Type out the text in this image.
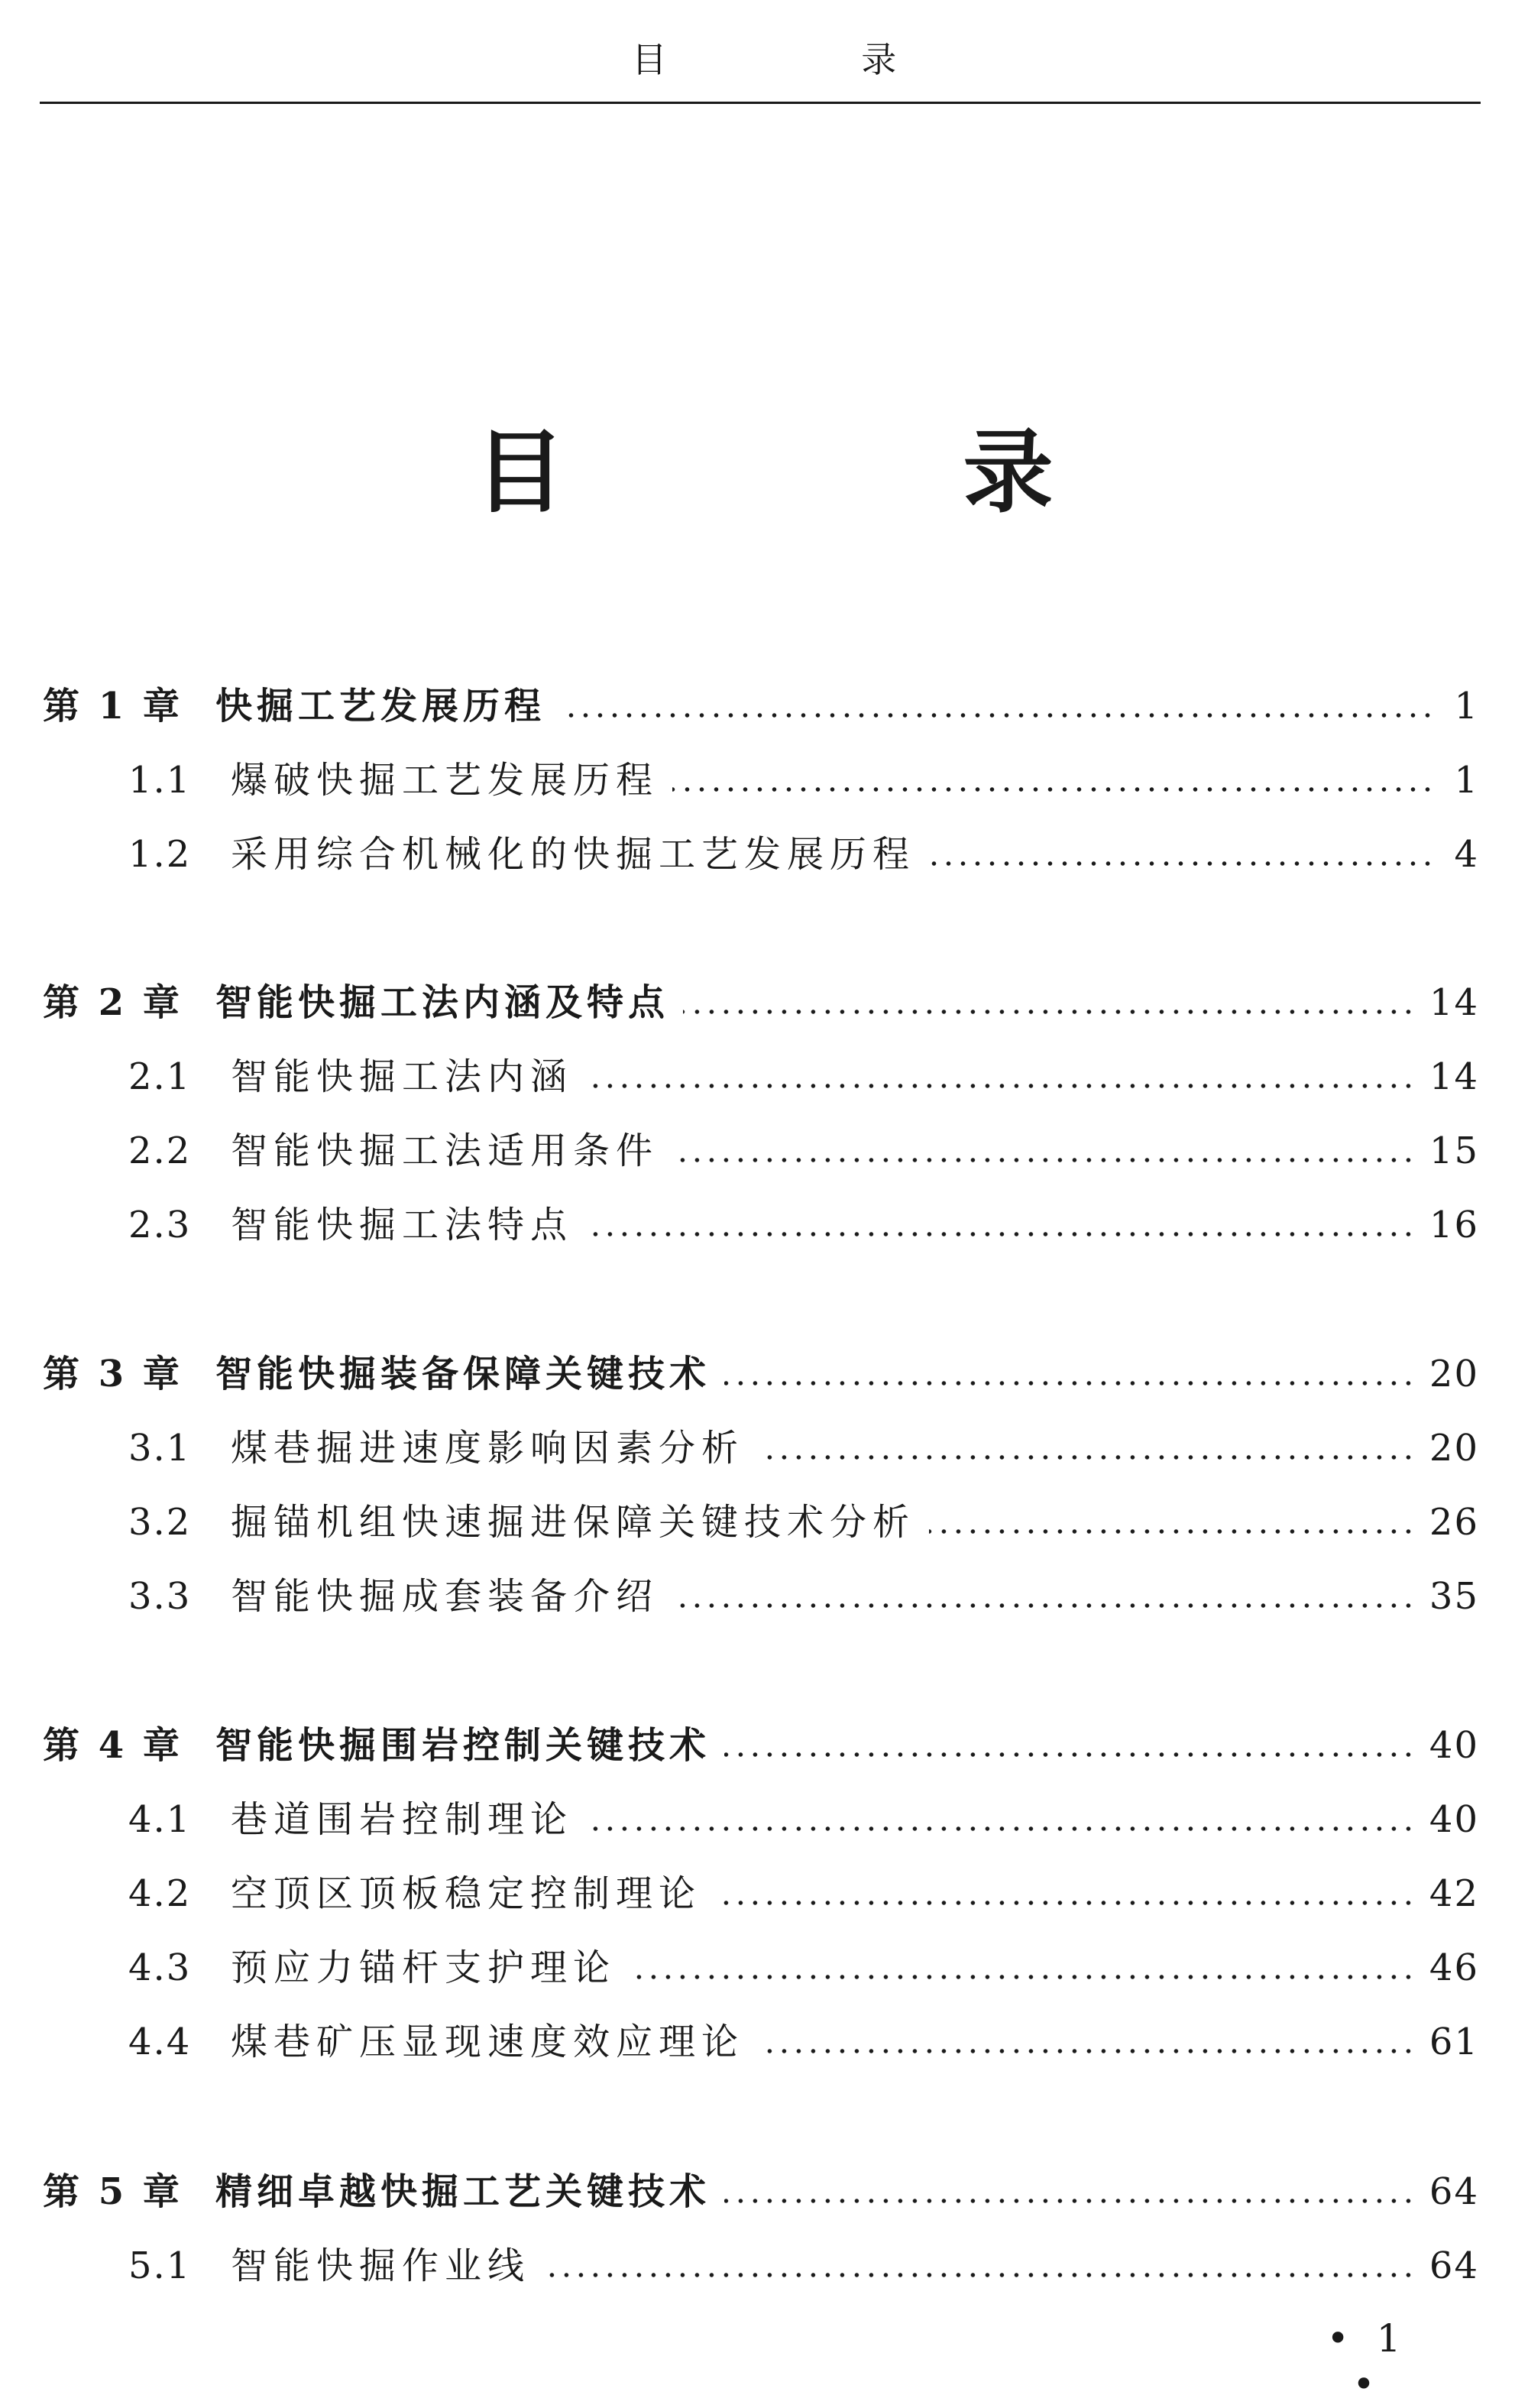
目 录
目 录
第 1 章 快掘工艺发展历程	1
1.1	爆破快掘工艺发展历程	1
1.2	采用综合机械化的快掘工艺发展历程	4
第 2 章 智能快掘工法内涵及特点	14
2.1	智能快掘工法内涵	14
2.2	智能快掘工法适用条件	15
2.3	智能快掘工法特点	16
第 3 章 智能快掘装备保障关键技术	20
3.1	煤巷掘进速度影响因素分析	20
3.2	掘锚机组快速掘进保障关键技术分析	26
3.3	智能快掘成套装备介绍	35
第 4 章 智能快掘围岩控制关键技术	40
4.1	巷道围岩控制理论	40
4.2	空顶区顶板稳定控制理论	42
4.3	预应力锚杆支护理论	46
4.4	煤巷矿压显现速度效应理论	61
第 5 章 精细卓越快掘工艺关键技术	64
5.1	智能快掘作业线	64
• 1 •
